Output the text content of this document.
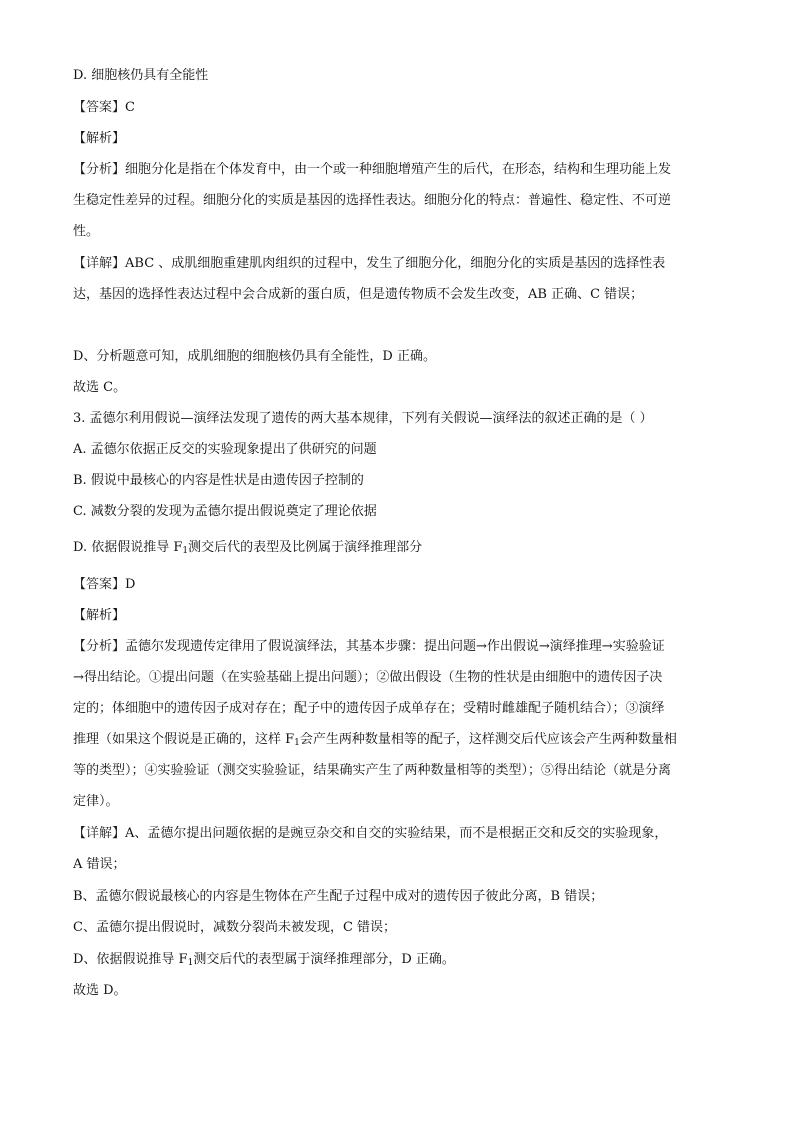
D. 细胞核仍具有全能性
【答案】C
【解析】
【分析】细胞分化是指在个体发育中，由一个或一种细胞增殖产生的后代，在形态，结构和生理功能上发
生稳定性差异的过程。细胞分化的实质是基因的选择性表达。细胞分化的特点：普遍性、稳定性、不可逆
性。
【详解】ABC 、成肌细胞重建肌肉组织的过程中，发生了细胞分化，细胞分化的实质是基因的选择性表
达，基因的选择性表达过程中会合成新的蛋白质，但是遗传物质不会发生改变，AB 正确、C 错误；
D、分析题意可知，成肌细胞的细胞核仍具有全能性，D 正确。
故选 C。
3. 孟德尔利用假说—演绎法发现了遗传的两大基本规律，下列有关假说—演绎法的叙述正确的是（ ）
A. 孟德尔依据正反交的实验现象提出了供研究的问题
B. 假说中最核心的内容是性状是由遗传因子控制的
C. 减数分裂的发现为孟德尔提出假说奠定了理论依据
D. 依据假说推导 $F_1$测交后代的表型及比例属于演绎推理部分
【答案】D
【解析】
【分析】孟德尔发现遗传定律用了假说演绎法，其基本步骤：提出问题→作出假说→演绎推理→实验验证
→得出结论。①提出问题（在实验基础上提出问题）；②做出假设（生物的性状是由细胞中的遗传因子决
定的；体细胞中的遗传因子成对存在；配子中的遗传因子成单存在；受精时雌雄配子随机结合）；③演绎
推理（如果这个假说是正确的，这样 $F_1$会产生两种数量相等的配子，这样测交后代应该会产生两种数量相
等的类型）；④实验验证（测交实验验证，结果确实产生了两种数量相等的类型）；⑤得出结论（就是分离
定律）。
【详解】A、孟德尔提出问题依据的是豌豆杂交和自交的实验结果，而不是根据正交和反交的实验现象，
A 错误；
B、孟德尔假说最核心的内容是生物体在产生配子过程中成对的遗传因子彼此分离，B 错误；
C、孟德尔提出假说时，减数分裂尚未被发现，C 错误；
D、依据假说推导 $F_1$测交后代的表型属于演绎推理部分，D 正确。
故选 D。
